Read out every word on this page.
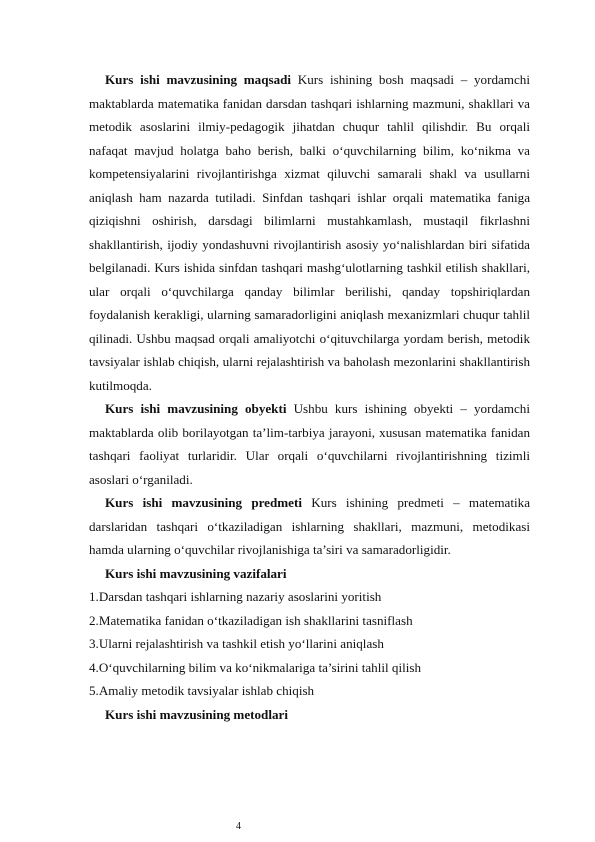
Kurs ishi mavzusining maqsadi Kurs ishining bosh maqsadi – yordamchi maktablarda matematika fanidan darsdan tashqari ishlarning mazmuni, shakllari va metodik asoslarini ilmiy-pedagogik jihatdan chuqur tahlil qilishdir. Bu orqali nafaqat mavjud holatga baho berish, balki o‘quvchilarning bilim, ko‘nikma va kompetensiyalarini rivojlantirishga xizmat qiluvchi samarali shakl va usullarni aniqlash ham nazarda tutiladi. Sinfdan tashqari ishlar orqali matematika faniga qiziqishni oshirish, darsdagi bilimlarni mustahkamlash, mustaqil fikrlashni shakllantirish, ijodiy yondashuvni rivojlantirish asosiy yo‘nalishlardan biri sifatida belgilanadi. Kurs ishida sinfdan tashqari mashg‘ulotlarning tashkil etilish shakllari, ular orqali o‘quvchilarga qanday bilimlar berilishi, qanday topshiriqlardan foydalanish kerakligi, ularning samaradorligini aniqlash mexanizmlari chuqur tahlil qilinadi. Ushbu maqsad orqali amaliyotchi o‘qituvchilarga yordam berish, metodik tavsiyalar ishlab chiqish, ularni rejalashtirish va baholash mezonlarini shakllantirish kutilmoqda.

Kurs ishi mavzusining obyekti Ushbu kurs ishining obyekti – yordamchi maktablarda olib borilayotgan ta’lim-tarbiya jarayoni, xususan matematika fanidan tashqari faoliyat turlaridir. Ular orqali o‘quvchilarni rivojlantirishning tizimli asoslari o‘rganiladi.

Kurs ishi mavzusining predmeti Kurs ishining predmeti – matematika darslaridan tashqari o‘tkaziladigan ishlarning shakllari, mazmuni, metodikasi hamda ularning o‘quvchilar rivojlanishiga ta’siri va samaradorligidir.

Kurs ishi mavzusining vazifalari
1.Darsdan tashqari ishlarning nazariy asoslarini yoritish
2.Matematika fanidan o‘tkaziladigan ish shakllarini tasniflash
3.Ularni rejalashtirish va tashkil etish yo‘llarini aniqlash
4.O‘quvchilarning bilim va ko‘nikmalariga ta’sirini tahlil qilish
5.Amaliy metodik tavsiyalar ishlab chiqish
Kurs ishi mavzusining metodlari
4
